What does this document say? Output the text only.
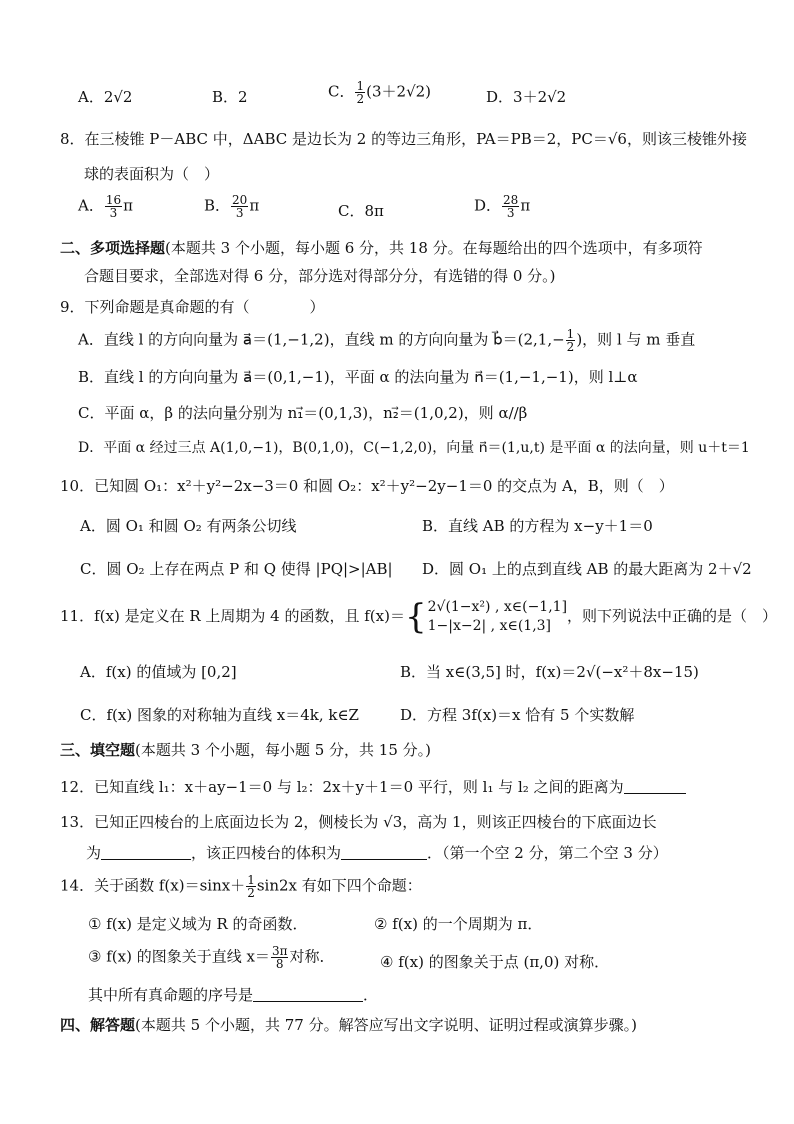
A．2√2	B．2	C． $\frac{1}{2} (3+2√2)$	D．3＋2√2
8．在三棱锥 P－ABC 中，ΔABC 是边长为 2 的等边三角形，PA＝PB＝2，PC＝√6，则该三棱锥外接
球的表面积为（　）
A． $\frac{16}{3}$ π	B． $\frac{20}{3}$ π	C．8π	D． $\frac{28}{3}$ π
二、多项选择题(本题共 3 个小题，每小题 6 分，共 18 分。在每题给出的四个选项中，有多项符
合题目要求，全部选对得 6 分，部分选对得部分分，有选错的得 0 分。)
9．下列命题是真命题的有（　　　　）
A．直线 l 的方向向量为 a⃗＝(1,−1,2)，直线 m 的方向向量为 b⃗＝(2,1,− $\frac{1}{2}$ )，则 l 与 m 垂直
B．直线 l 的方向向量为 a⃗＝(0,1,−1)，平面 α 的法向量为 n⃗＝(1,−1,−1)，则 l⊥α
C．平面 α，β 的法向量分别为 n₁⃗＝(0,1,3)，n₂⃗＝(1,0,2)，则 α//β
D．平面 α 经过三点 A(1,0,−1)，B(0,1,0)，C(−1,2,0)，向量 n⃗＝(1,u,t) 是平面 α 的法向量，则 u＋t＝1
10．已知圆 O₁：x²＋y²−2x−3＝0 和圆 O₂：x²＋y²−2y−1＝0 的交点为 A，B，则（　）
A．圆 O₁ 和圆 O₂ 有两条公切线	B．直线 AB 的方程为 x−y＋1＝0
C．圆 O₂ 上存在两点 P 和 Q 使得 |PQ|>|AB| D．圆 O₁ 上的点到直线 AB 的最大距离为 2＋√2
11．f(x) 是定义在 R 上周期为 4 的函数，且 f(x)＝{ 2√(1−x²) , x∈(−1,1]
1−|x−2| , x∈(1,3]
，则下列说法中正确的是（　）
A．f(x) 的值域为 [0,2]	B．当 x∈(3,5] 时，f(x)＝2√(−x²＋8x−15)
C．f(x) 图象的对称轴为直线 x＝4k, k∈Z	D．方程 3f(x)＝x 恰有 5 个实数解
三、填空题(本题共 3 个小题，每小题 5 分，共 15 分。)
12．已知直线 l₁：x＋ay−1＝0 与 l₂：2x＋y＋1＝0 平行，则 l₁ 与 l₂ 之间的距离为
13．已知正四棱台的上底面边长为 2，侧棱长为 √3，高为 1，则该正四棱台的下底面边长
为	，该正四棱台的体积为	．（第一个空 2 分，第二个空 3 分）
14．关于函数 $f(x)=\sin x+ \frac{1}{2} \sin 2x$ 有如下四个命题：
① f(x) 是定义域为 R 的奇函数．	② f(x) 的一个周期为 π．
③ f(x) 的图象关于直线 $x= \frac{3\pi}{8}$ 对称．	④ f(x) 的图象关于点 (π,0) 对称．
其中所有真命题的序号是	．
四、解答题(本题共 5 个小题，共 77 分。解答应写出文字说明、证明过程或演算步骤。)
